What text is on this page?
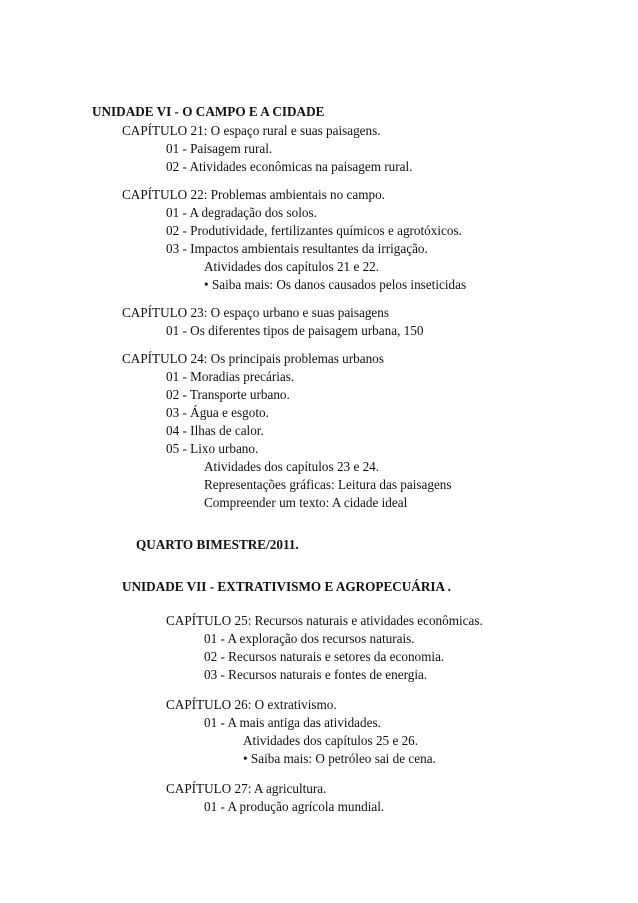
UNIDADE VI - O CAMPO E A CIDADE
CAPÍTULO 21: O espaço rural e suas paisagens.
01 - Paisagem rural.
02 - Atividades econômicas na paisagem rural.
CAPÍTULO 22: Problemas ambientais no campo.
01 - A degradação dos solos.
02 - Produtividade, fertilizantes químicos e agrotóxicos.
03 - Impactos ambientais resultantes da irrigação.
Atividades dos capítulos 21 e 22.
• Saiba mais: Os danos causados pelos inseticidas
CAPÍTULO 23: O espaço urbano e suas paisagens
01 - Os diferentes tipos de paisagem urbana, 150
CAPÍTULO 24: Os principais problemas urbanos
01 - Moradias precárias.
02 - Transporte urbano.
03 - Água e esgoto.
04 - Ilhas de calor.
05 - Lixo urbano.
Atividades dos capítulos 23 e 24.
Representações gráficas: Leitura das paisagens
Compreender um texto: A cidade ideal
QUARTO BIMESTRE/2011.
UNIDADE VII - EXTRATIVISMO E AGROPECUÁRIA .
CAPÍTULO 25: Recursos naturais e atividades econômicas.
01 - A exploração dos recursos naturais.
02 - Recursos naturais e setores da economia.
03 - Recursos naturais e fontes de energia.
CAPÍTULO 26: O extrativismo.
01 - A mais antiga das atividades.
Atividades dos capítulos 25 e 26.
• Saiba mais: O petróleo sai de cena.
CAPÍTULO 27: A agricultura.
01 - A produção agrícola mundial.
